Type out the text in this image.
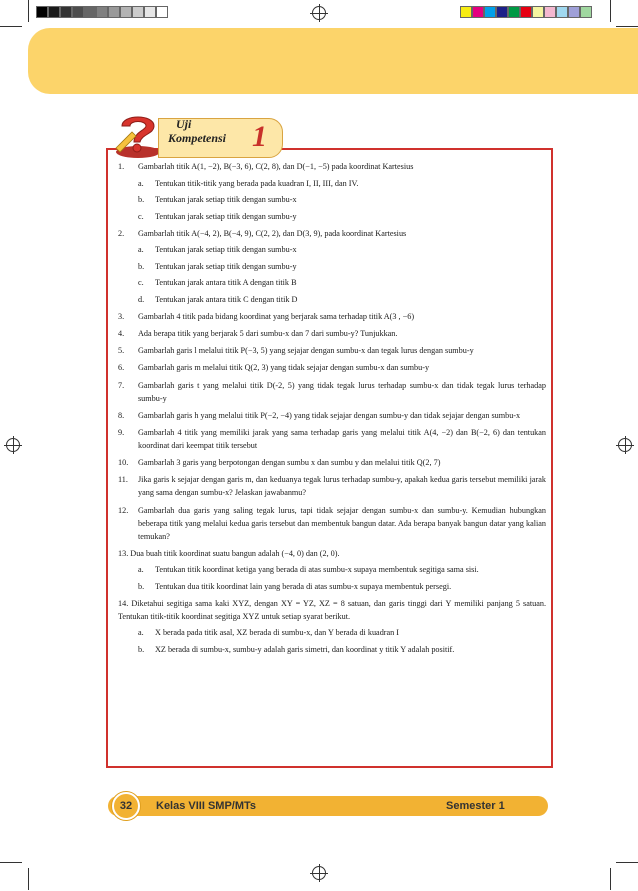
Uji
Kompetensi 1
1.	Gambarlah titik A(1, −2), B(−3, 6), C(2, 8), dan D(−1, −5) pada koordinat Kartesius
a.	Tentukan titik-titik yang berada pada kuadran I, II, III, dan IV.
b.	Tentukan jarak setiap titik dengan sumbu-x
c.	Tentukan jarak setiap titik dengan sumbu-y
2.	Gambarlah titik A(−4, 2), B(−4, 9), C(2, 2), dan D(3, 9), pada koordinat Kartesius
a.	Tentukan jarak setiap titik dengan sumbu-x
b.	Tentukan jarak setiap titik dengan sumbu-y
c.	Tentukan jarak antara titik A dengan titik B
d.	Tentukan jarak antara titik C dengan titik D
3.	Gambarlah 4 titik pada bidang koordinat yang berjarak sama terhadap titik A(3 , −6)
4.	Ada berapa titik yang berjarak 5 dari sumbu-x dan 7 dari sumbu-y? Tunjukkan.
5.	Gambarlah garis l melalui titik P(−3, 5) yang sejajar dengan sumbu-x dan tegak lurus dengan sumbu-y
6.	Gambarlah garis m melalui titik Q(2, 3) yang tidak sejajar dengan sumbu-x dan sumbu-y
7.	Gambarlah garis t yang melalui titik D(-2, 5) yang tidak tegak lurus terhadap sumbu-x dan tidak tegak lurus terhadap sumbu-y
8.	Gambarlah garis h yang melalui titik P(−2, −4) yang tidak sejajar dengan sumbu-y dan tidak sejajar dengan sumbu-x
9.	Gambarlah 4 titik yang memiliki jarak yang sama terhadap garis yang melalui titik A(4, −2) dan B(−2, 6) dan tentukan koordinat dari keempat titik tersebut
10.	Gambarlah 3 garis yang berpotongan dengan sumbu x dan sumbu y dan melalui titik Q(2, 7)
11.	Jika garis k sejajar dengan garis m, dan keduanya tegak lurus terhadap sumbu-y, apakah kedua garis tersebut memiliki jarak yang sama dengan sumbu-x? Jelaskan jawabanmu?
12.	Gambarlah dua garis yang saling tegak lurus, tapi tidak sejajar dengan sumbu-x dan sumbu-y. Kemudian hubungkan beberapa titik yang melalui kedua garis tersebut dan membentuk bangun datar. Ada berapa banyak bangun datar yang kalian temukan?
13. Dua buah titik koordinat suatu bangun adalah (−4, 0) dan (2, 0).
a.	Tentukan titik koordinat ketiga yang berada di atas sumbu-x supaya membentuk segitiga sama sisi.
b.	Tentukan dua titik koordinat lain yang berada di atas sumbu-x supaya membentuk persegi.
14. Diketahui segitiga sama kaki XYZ, dengan XY = YZ, XZ = 8 satuan, dan garis tinggi dari Y memiliki panjang 5 satuan. Tentukan titik-titik koordinat segitiga XYZ untuk setiap syarat berikut.
a.	X berada pada titik asal, XZ berada di sumbu-x, dan Y berada di kuadran I
b.	XZ berada di sumbu-x, sumbu-y adalah garis simetri, dan koordinat y titik Y adalah positif.
32	Kelas VIII SMP/MTs	Semester 1
